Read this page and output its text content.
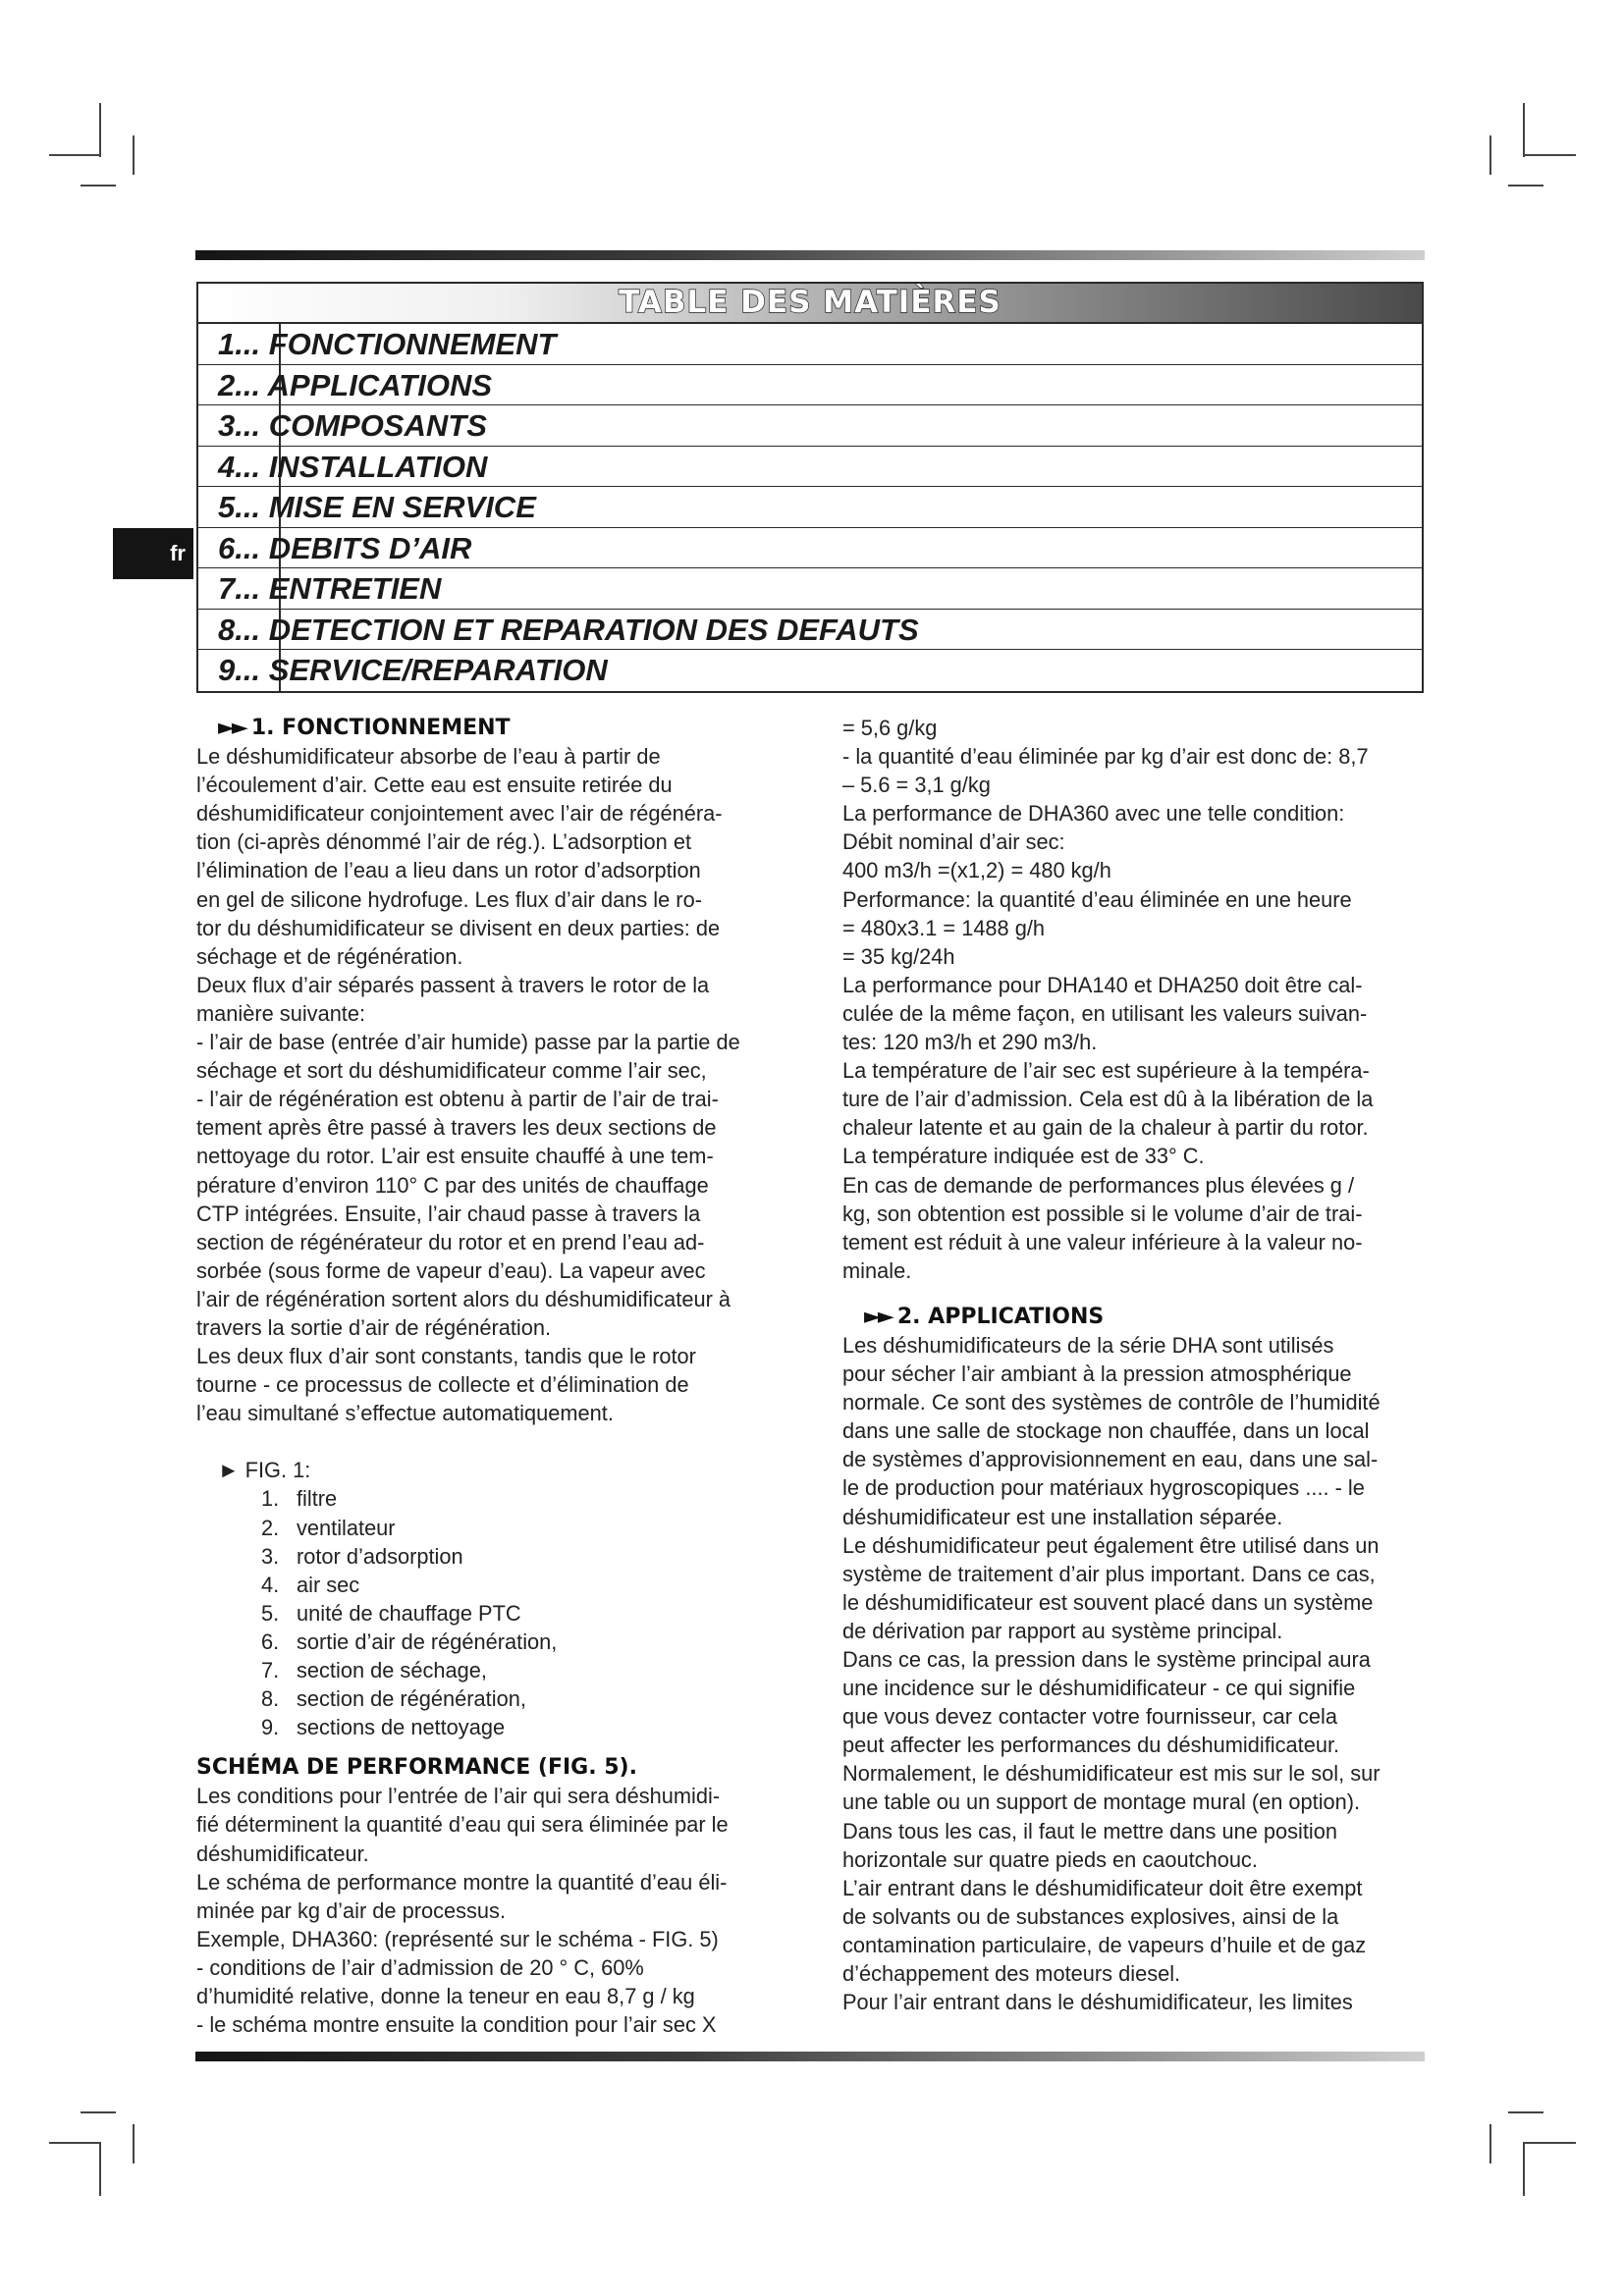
TABLE DES MATIÈRES
1... FONCTIONNEMENT
2... APPLICATIONS
3... COMPOSANTS
4... INSTALLATION
5... MISE EN SERVICE
6... DEBITS D’AIR
7... ENTRETIEN
8... DETECTION ET REPARATION DES DEFAUTS
9... SERVICE/REPARATION
fr

►► 1. FONCTIONNEMENT

Le déshumidificateur absorbe de l’eau à partir de

l’écoulement d’air. Cette eau est ensuite retirée du

déshumidificateur conjointement avec l’air de régénéra-

tion (ci-après dénommé l’air de rég.). L’adsorption et

l’élimination de l’eau a lieu dans un rotor d’adsorption

en gel de silicone hydrofuge. Les flux d’air dans le ro-

tor du déshumidificateur se divisent en deux parties: de

séchage et de régénération.

Deux flux d’air séparés passent à travers le rotor de la

manière suivante:

- l’air de base (entrée d’air humide) passe par la partie de

séchage et sort du déshumidificateur comme l’air sec,

- l’air de régénération est obtenu à partir de l’air de trai-

tement après être passé à travers les deux sections de

nettoyage du rotor. L’air est ensuite chauffé à une tem-

pérature d’environ 110° C par des unités de chauffage

CTP intégrées. Ensuite, l’air chaud passe à travers la

section de régénérateur du rotor et en prend l’eau ad-

sorbée (sous forme de vapeur d’eau). La vapeur avec

l’air de régénération sortent alors du déshumidificateur à

travers la sortie d’air de régénération.

Les deux flux d’air sont constants, tandis que le rotor

tourne - ce processus de collecte et d’élimination de

l’eau simultané s’effectue automatiquement.

► FIG. 1:

1. filtre
2. ventilateur
3. rotor d’adsorption
4. air sec
5. unité de chauffage PTC
6. sortie d’air de régénération,
7. section de séchage,
8. section de régénération,
9. sections de nettoyage

SCHÉMA DE PERFORMANCE (FIG. 5).

Les conditions pour l’entrée de l’air qui sera déshumidi-

fié déterminent la quantité d’eau qui sera éliminée par le

déshumidificateur.

Le schéma de performance montre la quantité d’eau éli-

minée par kg d’air de processus.

Exemple, DHA360: (représenté sur le schéma - FIG. 5)

- conditions de l’air d’admission de 20 ° C, 60%

d’humidité relative, donne la teneur en eau 8,7 g / kg

- le schéma montre ensuite la condition pour l’air sec X

= 5,6 g/kg

- la quantité d’eau éliminée par kg d’air est donc de: 8,7

– 5.6 = 3,1 g/kg

La performance de DHA360 avec une telle condition:

Débit nominal d’air sec:

400 m3/h =(x1,2) = 480 kg/h

Performance: la quantité d’eau éliminée en une heure

= 480x3.1 = 1488 g/h

= 35 kg/24h

La performance pour DHA140 et DHA250 doit être cal-

culée de la même façon, en utilisant les valeurs suivan-

tes: 120 m3/h et 290 m3/h.

La température de l’air sec est supérieure à la tempéra-

ture de l’air d’admission. Cela est dû à la libération de la

chaleur latente et au gain de la chaleur à partir du rotor.

La température indiquée est de 33° C.

En cas de demande de performances plus élevées g /

kg, son obtention est possible si le volume d’air de trai-

tement est réduit à une valeur inférieure à la valeur no-

minale.

►► 2. APPLICATIONS

Les déshumidificateurs de la série DHA sont utilisés

pour sécher l’air ambiant à la pression atmosphérique

normale. Ce sont des systèmes de contrôle de l’humidité

dans une salle de stockage non chauffée, dans un local

de systèmes d’approvisionnement en eau, dans une sal-

le de production pour matériaux hygroscopiques .... - le

déshumidificateur est une installation séparée.

Le déshumidificateur peut également être utilisé dans un

système de traitement d’air plus important. Dans ce cas,

le déshumidificateur est souvent placé dans un système

de dérivation par rapport au système principal.

Dans ce cas, la pression dans le système principal aura

une incidence sur le déshumidificateur - ce qui signifie

que vous devez contacter votre fournisseur, car cela

peut affecter les performances du déshumidificateur.

Normalement, le déshumidificateur est mis sur le sol, sur

une table ou un support de montage mural (en option).

Dans tous les cas, il faut le mettre dans une position

horizontale sur quatre pieds en caoutchouc.

L’air entrant dans le déshumidificateur doit être exempt

de solvants ou de substances explosives, ainsi de la

contamination particulaire, de vapeurs d’huile et de gaz

d’échappement des moteurs diesel.

Pour l’air entrant dans le déshumidificateur, les limites
